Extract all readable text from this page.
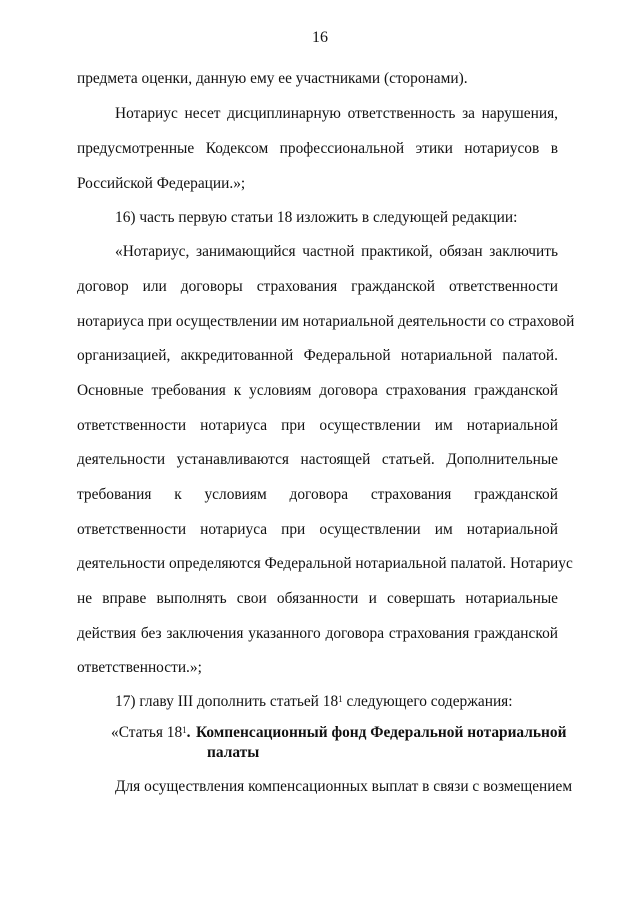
16
предмета оценки, данную ему ее участниками (сторонами).
Нотариус несет дисциплинарную ответственность за нарушения,
предусмотренные Кодексом профессиональной этики нотариусов в
Российской Федерации.»;
16) часть первую статьи 18 изложить в следующей редакции:
«Нотариус, занимающийся частной практикой, обязан заключить
договор или договоры страхования гражданской ответственности
нотариуса при осуществлении им нотариальной деятельности со страховой
организацией, аккредитованной Федеральной нотариальной палатой.
Основные требования к условиям договора страхования гражданской
ответственности нотариуса при осуществлении им нотариальной
деятельности устанавливаются настоящей статьей. Дополнительные
требования к условиям договора страхования гражданской
ответственности нотариуса при осуществлении им нотариальной
деятельности определяются Федеральной нотариальной палатой. Нотариус
не вправе выполнять свои обязанности и совершать нотариальные
действия без заключения указанного договора страхования гражданской
ответственности.»;
17) главу III дополнить статьей $18^1$ следующего содержания:
«Статья $18^1$. Компенсационный фонд Федеральной нотариальной
палаты
Для осуществления компенсационных выплат в связи с возмещением
